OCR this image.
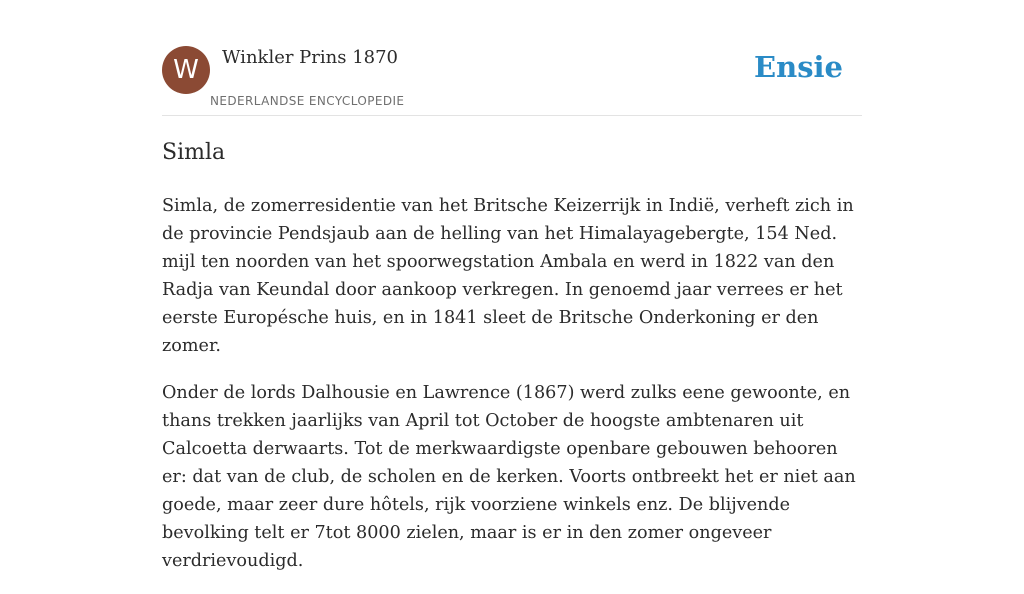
W	Winkler Prins 1870
NEDERLANDSE ENCYCLOPEDIE
Ensie
Simla

Simla, de zomerresidentie van het Britsche Keizerrijk in Indië, verheft zich in de provincie Pendsjaub aan de helling van het Himalayagebergte, 154 Ned. mijl ten noorden van het spoorwegstation Ambala en werd in 1822 van den Radja van Keundal door aankoop verkregen. In genoemd jaar verrees er het eerste Europésche huis, en in 1841 sleet de Britsche Onderkoning er den zomer.

Onder de lords Dalhousie en Lawrence (1867) werd zulks eene gewoonte, en thans trekken jaarlijks van April tot October de hoogste ambtenaren uit Calcoetta derwaarts. Tot de merkwaardigste openbare gebouwen behooren er: dat van de club, de scholen en de kerken. Voorts ontbreekt het er niet aan goede, maar zeer dure hôtels, rijk voorziene winkels enz. De blijvende bevolking telt er 7tot 8000 zielen, maar is er in den zomer ongeveer verdrievoudigd.
